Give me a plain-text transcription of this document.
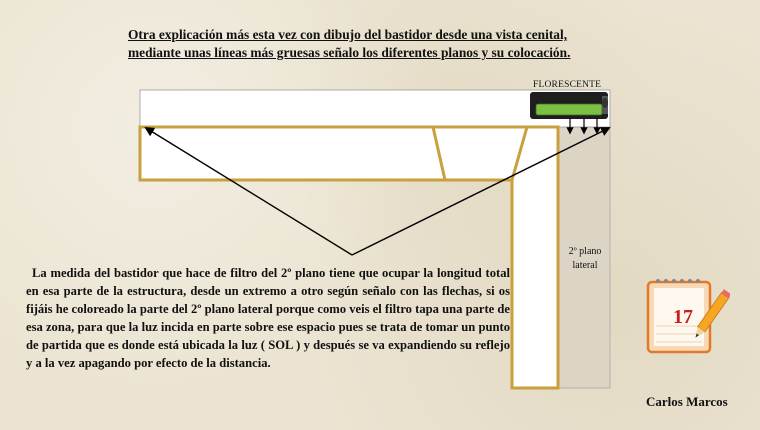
Otra explicación más esta vez con dibujo del bastidor desde una vista cenital,
mediante unas líneas más gruesas señalo los diferentes planos y su colocación.
FLORESCENTE
2º plano lateral

La medida del bastidor que hace de filtro del 2º plano tiene que ocupar la longitud total en esa parte de la estructura, desde un extremo a otro según señalo con las flechas, si os fijáis he coloreado la parte del 2º plano lateral porque como veis el filtro tapa una parte de esa zona, para que la luz incida en parte sobre ese espacio pues se trata de tomar un punto de partida que es donde está ubicada la luz ( SOL ) y después se va expandiendo su reflejo y a la vez apagando por efecto de la distancia.

17
Carlos Marcos
